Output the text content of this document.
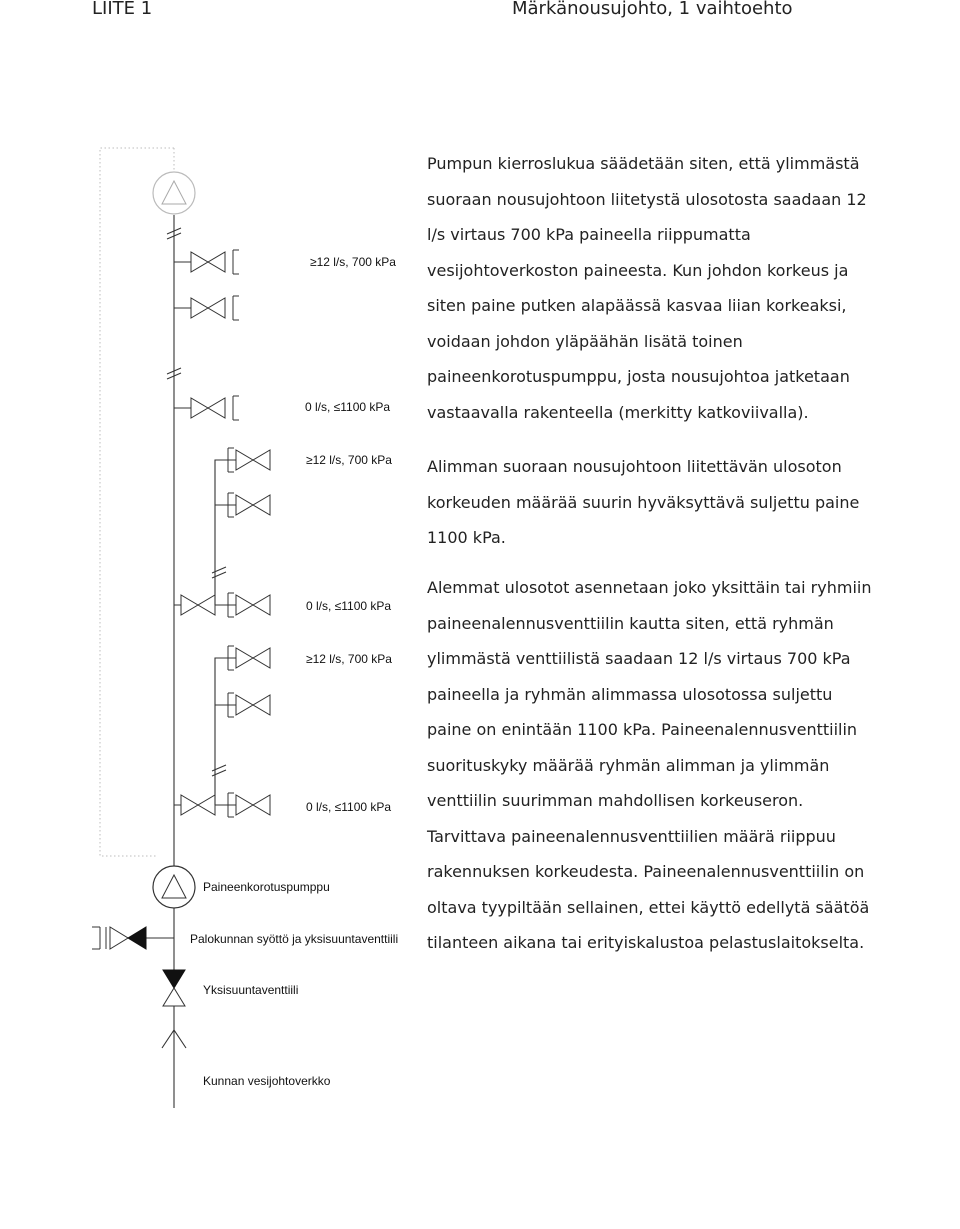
LIITE 1	Märkänousujohto, 1 vaihtoehto
≥12 l/s, 700 kPa
0 l/s, ≤1100 kPa
≥12 l/s, 700 kPa
0 l/s, ≤1100 kPa
≥12 l/s, 700 kPa
0 l/s, ≤1100 kPa
Paineenkorotuspumppu
Palokunnan syöttö ja yksisuuntaventtiili
Yksisuuntaventtiili
Kunnan vesijohtoverkko

Pumpun kierroslukua säädetään siten, että ylimmästä suoraan nousujohtoon liitetystä ulosotosta saadaan 12 l/s virtaus 700 kPa paineella riippumatta vesijohtoverkoston paineesta. Kun johdon korkeus ja siten paine putken alapäässä kasvaa liian korkeaksi, voidaan johdon yläpäähän lisätä toinen paineenkorotuspumppu, josta nousujohtoa jatketaan vastaavalla rakenteella (merkitty katkoviivalla).

Alimman suoraan nousujohtoon liitettävän ulosoton korkeuden määrää suurin hyväksyttävä suljettu paine 1100 kPa.

Alemmat ulosotot asennetaan joko yksittäin tai ryhmiin paineenalennusventtiilin kautta siten, että ryhmän ylimmästä venttiilistä saadaan 12 l/s virtaus 700 kPa paineella ja ryhmän alimmassa ulosotossa suljettu paine on enintään 1100 kPa. Paineenalennusventtiilin suorituskyky määrää ryhmän alimman ja ylimmän venttiilin suurimman mahdollisen korkeuseron. Tarvittava paineenalennusventtiilien määrä riippuu rakennuksen korkeudesta. Paineenalennusventtiilin on oltava tyypiltään sellainen, ettei käyttö edellytä säätöä tilanteen aikana tai erityiskalustoa pelastuslaitokselta.
